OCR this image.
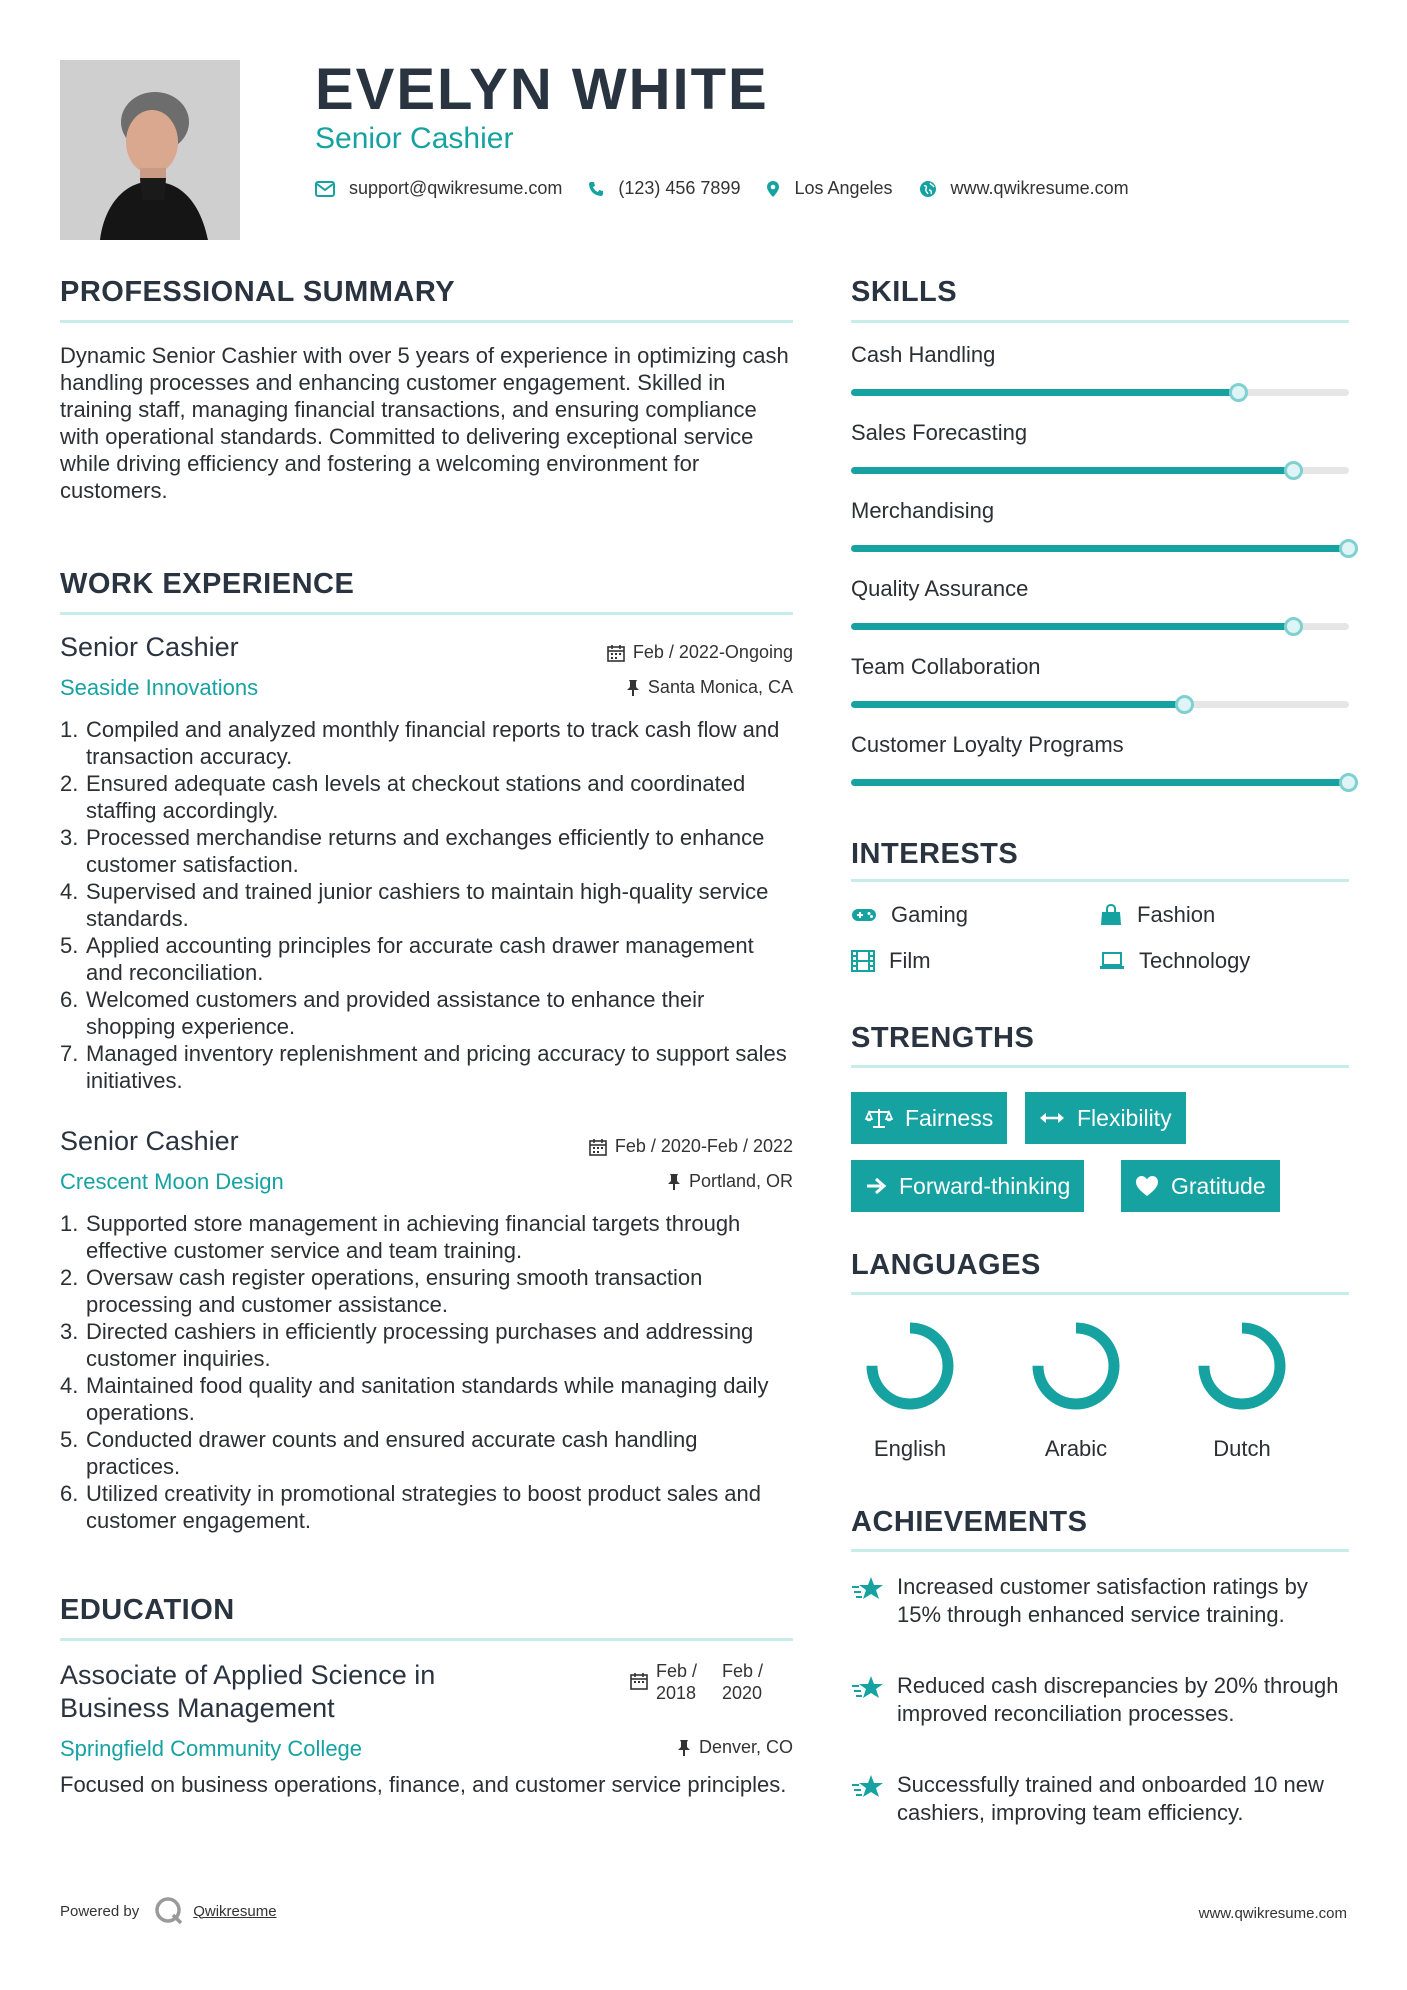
EVELYN WHITE
Senior Cashier
support@qwikresume.com	(123) 456 7899	Los Angeles	www.qwikresume.com
PROFESSIONAL SUMMARY
Dynamic Senior Cashier with over 5 years of experience in optimizing cash handling processes and enhancing customer engagement. Skilled in training staff, managing financial transactions, and ensuring compliance with operational standards. Committed to delivering exceptional service while driving efficiency and fostering a welcoming environment for customers.
WORK EXPERIENCE
Senior Cashier	Feb / 2022-Ongoing
Seaside Innovations	Santa Monica, CA
1. Compiled and analyzed monthly financial reports to track cash flow and transaction accuracy.
2. Ensured adequate cash levels at checkout stations and coordinated staffing accordingly.
3. Processed merchandise returns and exchanges efficiently to enhance customer satisfaction.
4. Supervised and trained junior cashiers to maintain high-quality service standards.
5. Applied accounting principles for accurate cash drawer management and reconciliation.
6. Welcomed customers and provided assistance to enhance their shopping experience.
7. Managed inventory replenishment and pricing accuracy to support sales initiatives.
Senior Cashier	Feb / 2020-Feb / 2022
Crescent Moon Design	Portland, OR
1. Supported store management in achieving financial targets through effective customer service and team training.
2. Oversaw cash register operations, ensuring smooth transaction processing and customer assistance.
3. Directed cashiers in efficiently processing purchases and addressing customer inquiries.
4. Maintained food quality and sanitation standards while managing daily operations.
5. Conducted drawer counts and ensured accurate cash handling practices.
6. Utilized creativity in promotional strategies to boost product sales and customer engagement.
EDUCATION
Associate of Applied Science in Business Management
Feb / 2018
Feb / 2020
Springfield Community College	Denver, CO
Focused on business operations, finance, and customer service principles.
SKILLS
Cash Handling
Sales Forecasting
Merchandising
Quality Assurance
Team Collaboration
Customer Loyalty Programs
INTERESTS
Gaming	Fashion
Film	Technology
STRENGTHS
Fairness	Flexibility
Forward-thinking	Gratitude
LANGUAGES
English	Arabic	Dutch
ACHIEVEMENTS
Increased customer satisfaction ratings by 15% through enhanced service training.
Reduced cash discrepancies by 20% through improved reconciliation processes.
Successfully trained and onboarded 10 new cashiers, improving team efficiency.
Powered by	Qwikresume	www.qwikresume.com
